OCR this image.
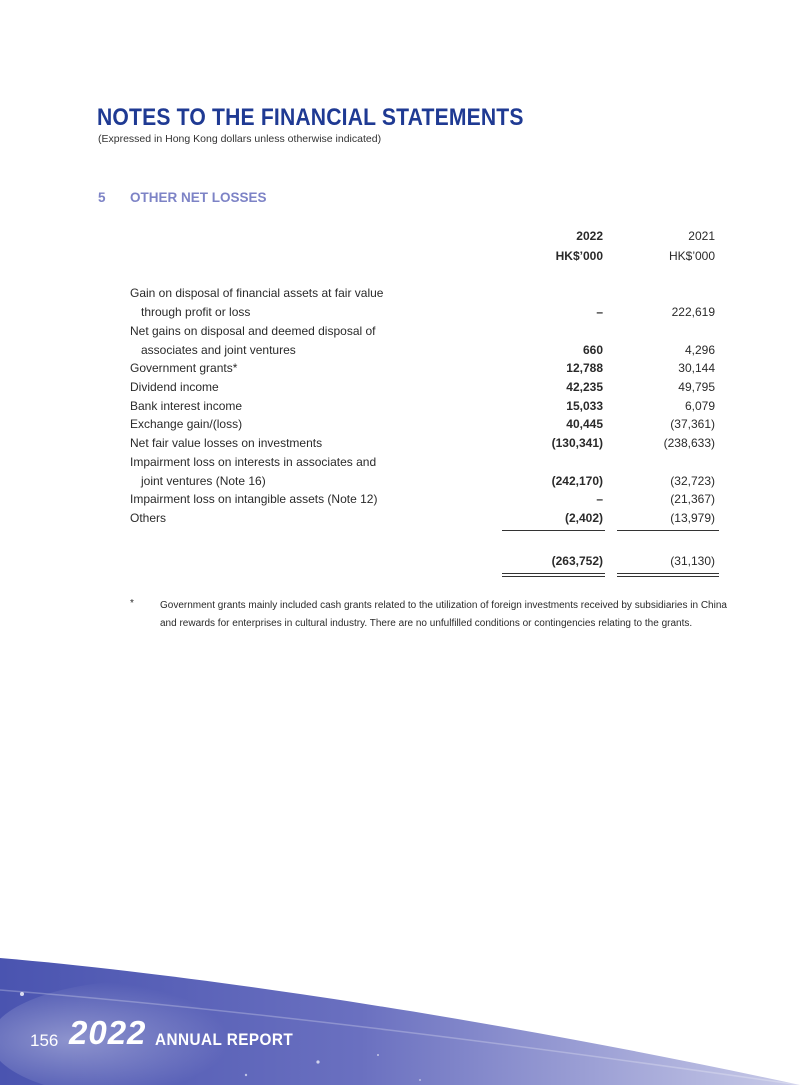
NOTES TO THE FINANCIAL STATEMENTS
(Expressed in Hong Kong dollars unless otherwise indicated)
5 OTHER NET LOSSES
2022	2021
HK$’000	HK$’000
Gain on disposal of financial assets at fair value
through profit or loss	–	222,619
Net gains on disposal and deemed disposal of
associates and joint ventures	660	4,296
Government grants*	12,788	30,144
Dividend income	42,235	49,795
Bank interest income	15,033	6,079
Exchange gain/(loss)	40,445	(37,361)
Net fair value losses on investments	(130,341)	(238,633)
Impairment loss on interests in associates and
joint ventures (Note 16)	(242,170)	(32,723)
Impairment loss on intangible assets (Note 12)	–	(21,367)
Others	(2,402)	(13,979)
(263,752)	(31,130)
*	Government grants mainly included cash grants related to the utilization of foreign investments received by subsidiaries in China and rewards for enterprises in cultural industry. There are no unfulfilled conditions or contingencies relating to the grants.
156 2022 ANNUAL REPORT
